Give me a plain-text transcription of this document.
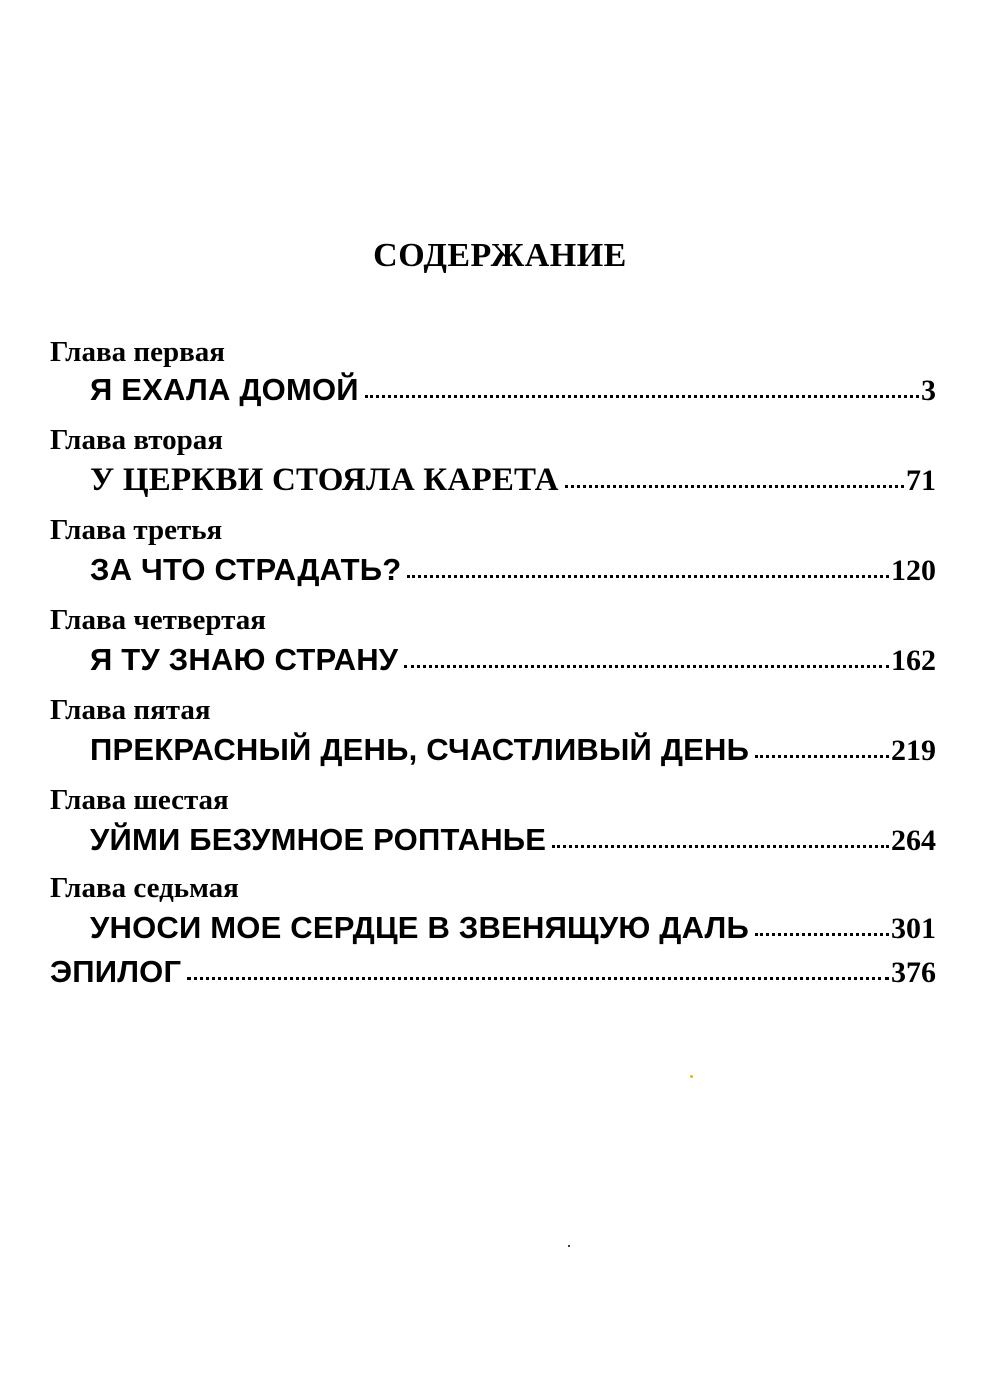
СОДЕРЖАНИЕ
Глава первая
Я ЕХАЛА ДОМОЙ	3
Глава вторая
У ЦЕРКВИ СТОЯЛА КАРЕТА	71
Глава третья
ЗА ЧТО СТРАДАТЬ?	120
Глава четвертая
Я ТУ ЗНАЮ СТРАНУ	162
Глава пятая
ПРЕКРАСНЫЙ ДЕНЬ, СЧАСТЛИВЫЙ ДЕНЬ	219
Глава шестая
УЙМИ БЕЗУМНОЕ РОПТАНЬЕ	264
Глава седьмая
УНОСИ МОЕ СЕРДЦЕ В ЗВЕНЯЩУЮ ДАЛЬ	301
ЭПИЛОГ	376
